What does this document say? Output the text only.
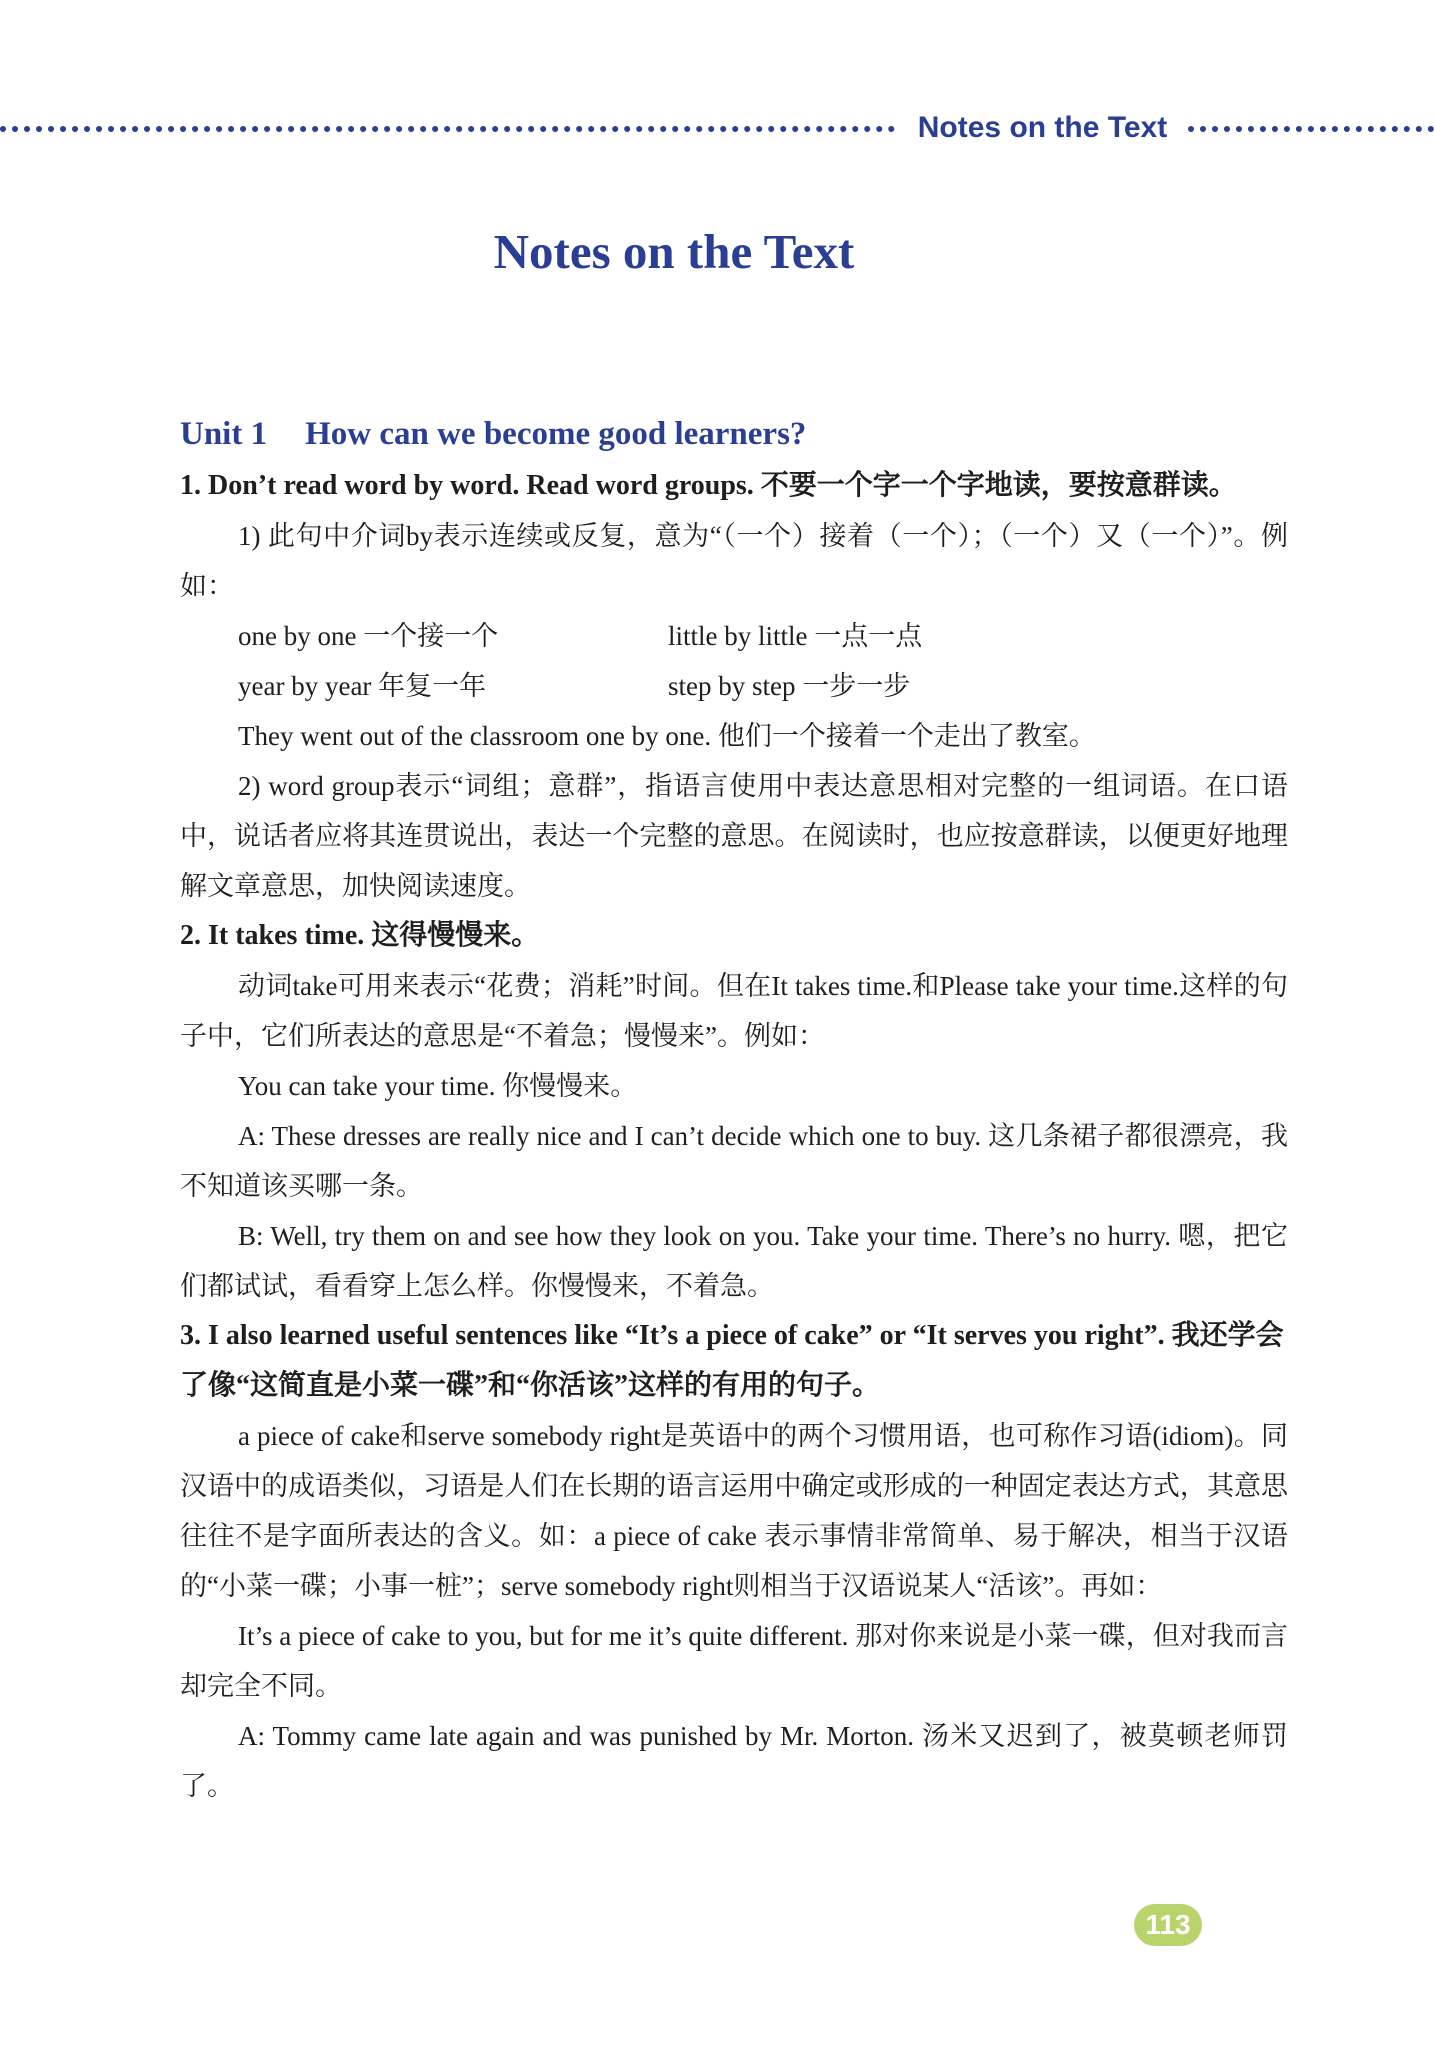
Notes on the Text
Notes on the Text
Unit 1 How can we become good learners?

1. Don’t read word by word. Read word groups. 不要一个字一个字地读，要按意群读。

1) 此句中介词by表示连续或反复，意为“（一个）接着（一个）；（一个）又（一个）”。例如：

one by one 一个接一个	little by little 一点一点
year by year 年复一年	step by step 一步一步

They went out of the classroom one by one. 他们一个接着一个走出了教室。

2) word group表示“词组；意群”，指语言使用中表达意思相对完整的一组词语。在口语中，说话者应将其连贯说出，表达一个完整的意思。在阅读时，也应按意群读，以便更好地理解文章意思，加快阅读速度。

2. It takes time. 这得慢慢来。

动词take可用来表示“花费；消耗”时间。但在It takes time.和Please take your time.这样的句子中，它们所表达的意思是“不着急；慢慢来”。例如：

You can take your time. 你慢慢来。

A: These dresses are really nice and I can’t decide which one to buy. 这几条裙子都很漂亮，我不知道该买哪一条。

B: Well, try them on and see how they look on you. Take your time. There’s no hurry. 嗯，把它们都试试，看看穿上怎么样。你慢慢来，不着急。

3. I also learned useful sentences like “It’s a piece of cake” or “It serves you right”. 我还学会了像“这简直是小菜一碟”和“你活该”这样的有用的句子。

a piece of cake和serve somebody right是英语中的两个习惯用语，也可称作习语(idiom)。同汉语中的成语类似，习语是人们在长期的语言运用中确定或形成的一种固定表达方式，其意思往往不是字面所表达的含义。如：a piece of cake 表示事情非常简单、易于解决，相当于汉语的“小菜一碟；小事一桩”；serve somebody right则相当于汉语说某人“活该”。再如：

It’s a piece of cake to you, but for me it’s quite different. 那对你来说是小菜一碟，但对我而言却完全不同。

A: Tommy came late again and was punished by Mr. Morton. 汤米又迟到了，被莫顿老师罚了。

113
